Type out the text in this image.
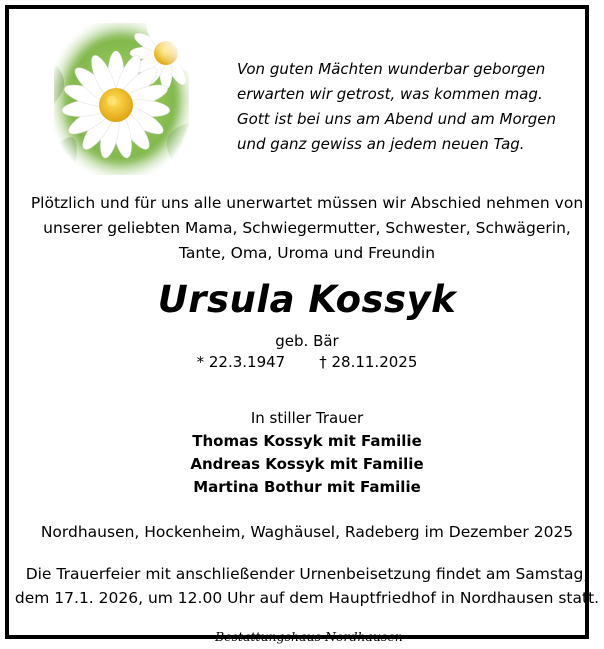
Von guten Mächten wunderbar geborgen
erwarten wir getrost, was kommen mag.
Gott ist bei uns am Abend und am Morgen
und ganz gewiss an jedem neuen Tag.
Plötzlich und für uns alle unerwartet müssen wir Abschied nehmen von
unserer geliebten Mama, Schwiegermutter, Schwester, Schwägerin,
Tante, Oma, Uroma und Freundin
Ursula Kossyk
geb. Bär
* 22.3.1947 † 28.11.2025
In stiller Trauer
Thomas Kossyk mit Familie
Andreas Kossyk mit Familie
Martina Bothur mit Familie
Nordhausen, Hockenheim, Waghäusel, Radeberg im Dezember 2025
Die Trauerfeier mit anschließender Urnenbeisetzung findet am Samstag,
dem 17.1. 2026, um 12.00 Uhr auf dem Hauptfriedhof in Nordhausen statt.
- Bestattungshaus Nordhausen-
